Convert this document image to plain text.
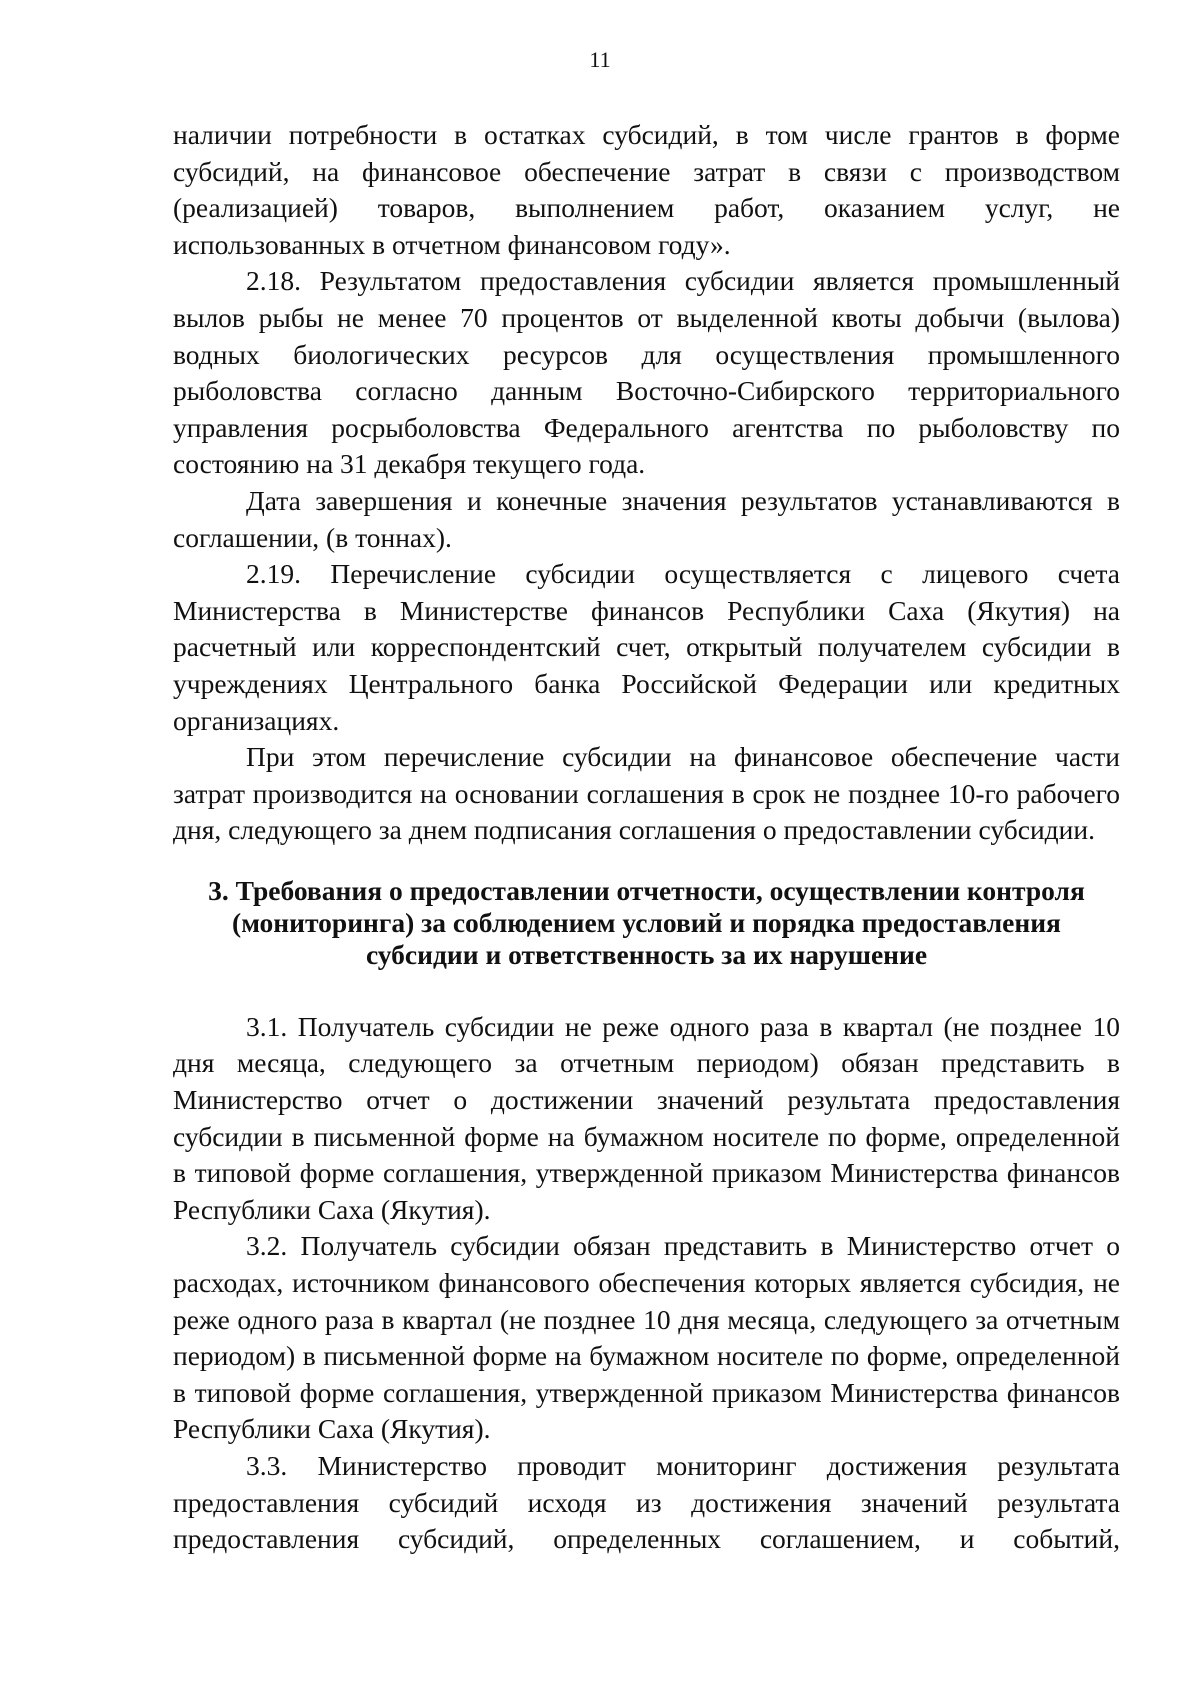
11

наличии потребности в остатках субсидий, в том числе грантов в форме субсидий, на финансовое обеспечение затрат в связи с производством (реализацией) товаров, выполнением работ, оказанием услуг, не использованных в отчетном финансовом году».

2.18. Результатом предоставления субсидии является промышленный вылов рыбы не менее 70 процентов от выделенной квоты добычи (вылова) водных биологических ресурсов для осуществления промышленного рыболовства согласно данным Восточно-Сибирского территориального управления росрыболовства Федерального агентства по рыболовству по состоянию на 31 декабря текущего года.

Дата завершения и конечные значения результатов устанавливаются в соглашении, (в тоннах).

2.19. Перечисление субсидии осуществляется с лицевого счета Министерства в Министерстве финансов Республики Саха (Якутия) на расчетный или корреспондентский счет, открытый получателем субсидии в учреждениях Центрального банка Российской Федерации или кредитных организациях.

При этом перечисление субсидии на финансовое обеспечение части затрат производится на основании соглашения в срок не позднее 10-го рабочего дня, следующего за днем подписания соглашения о предоставлении субсидии.

3. Требования о предоставлении отчетности, осуществлении контроля

(мониторинга) за соблюдением условий и порядка предоставления

субсидии и ответственность за их нарушение

3.1. Получатель субсидии не реже одного раза в квартал (не позднее 10 дня месяца, следующего за отчетным периодом) обязан представить в Министерство отчет о достижении значений результата предоставления субсидии в письменной форме на бумажном носителе по форме, определенной в типовой форме соглашения, утвержденной приказом Министерства финансов Республики Саха (Якутия).

3.2. Получатель субсидии обязан представить в Министерство отчет о расходах, источником финансового обеспечения которых является субсидия, не реже одного раза в квартал (не позднее 10 дня месяца, следующего за отчетным периодом) в письменной форме на бумажном носителе по форме, определенной в типовой форме соглашения, утвержденной приказом Министерства финансов Республики Саха (Якутия).

3.3. Министерство проводит мониторинг достижения результата предоставления субсидий исходя из достижения значений результата предоставления субсидий, определенных соглашением, и событий,
